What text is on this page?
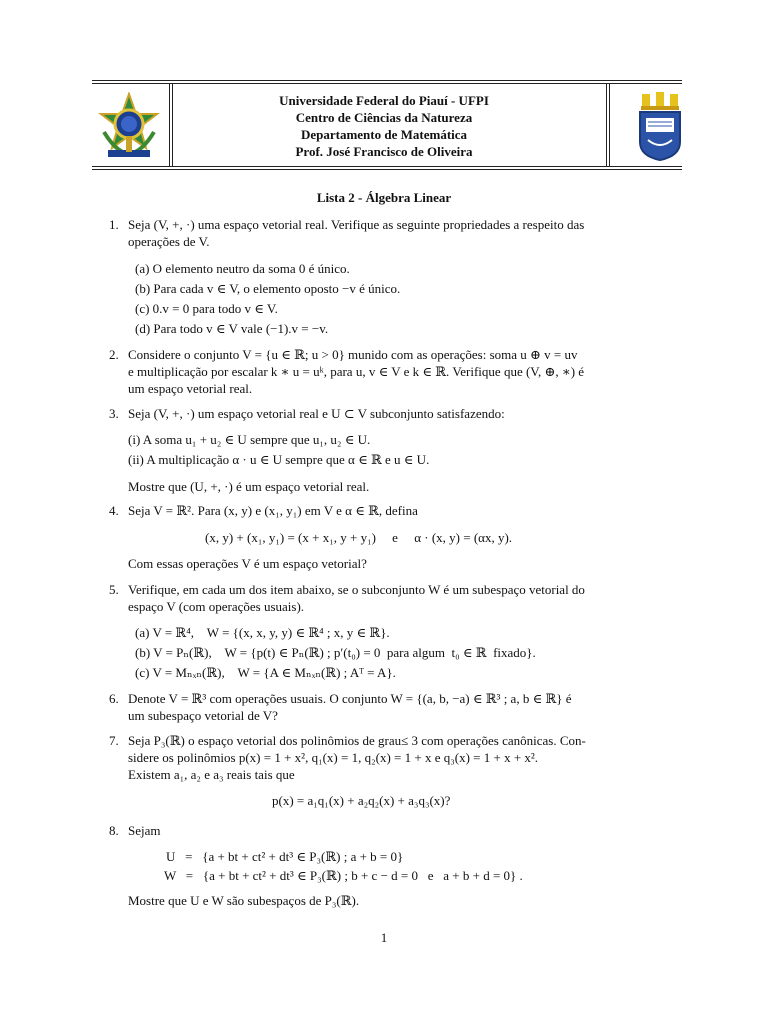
Universidade Federal do Piauí - UFPI
Centro de Ciências da Natureza
Departamento de Matemática
Prof. José Francisco de Oliveira
Lista 2 - Álgebra Linear
1. Seja (V, +, ·) uma espaço vetorial real. Verifique as seguinte propriedades a respeito das
operações de V.
(a) O elemento neutro da soma 0 é único.
(b) Para cada v ∈ V, o elemento oposto −v é único.
(c) 0.v = 0 para todo v ∈ V.
(d) Para todo v ∈ V vale (−1).v = −v.
2. Considere o conjunto V = {u ∈ ℝ; u > 0} munido com as operações: soma u ⊕ v = uv
e multiplicação por escalar k ∗ u = uᵏ, para u, v ∈ V e k ∈ ℝ. Verifique que (V, ⊕, ∗) é
um espaço vetorial real.
3. Seja (V, +, ·) um espaço vetorial real e U ⊂ V subconjunto satisfazendo:
(i) A soma u₁ + u₂ ∈ U sempre que u₁, u₂ ∈ U.
(ii) A multiplicação α · u ∈ U sempre que α ∈ ℝ e u ∈ U.
Mostre que (U, +, ·) é um espaço vetorial real.
4. Seja V = ℝ². Para (x, y) e (x₁, y₁) em V e α ∈ ℝ, defina
(x, y) + (x₁, y₁) = (x + x₁, y + y₁)     e     α · (x, y) = (αx, y).
Com essas operações V é um espaço vetorial?
5. Verifique, em cada um dos item abaixo, se o subconjunto W é um subespaço vetorial do
espaço V (com operações usuais).
(a) V = ℝ⁴,    W = {(x, x, y, y) ∈ ℝ⁴ ; x, y ∈ ℝ}.
(b) V = Pₙ(ℝ),    W = {p(t) ∈ Pₙ(ℝ) ; p′(t₀) = 0  para algum  t₀ ∈ ℝ  fixado}.
(c) V = Mₙₓₙ(ℝ),    W = {A ∈ Mₙₓₙ(ℝ) ; Aᵀ = A}.
6. Denote V = ℝ³ com operações usuais. O conjunto W = {(a, b, −a) ∈ ℝ³ ; a, b ∈ ℝ} é
um subespaço vetorial de V?
7. Seja P₃(ℝ) o espaço vetorial dos polinômios de grau≤ 3 com operações canônicas. Con-
sidere os polinômios p(x) = 1 + x², q₁(x) = 1, q₂(x) = 1 + x e q₃(x) = 1 + x + x².
Existem a₁, a₂ e a₃ reais tais que
p(x) = a₁q₁(x) + a₂q₂(x) + a₃q₃(x)?
8. Sejam
U   =   {a + bt + ct² + dt³ ∈ P₃(ℝ) ; a + b = 0}
W   =   {a + bt + ct² + dt³ ∈ P₃(ℝ) ; b + c − d = 0   e   a + b + d = 0} .
Mostre que U e W são subespaços de P₃(ℝ).
1
